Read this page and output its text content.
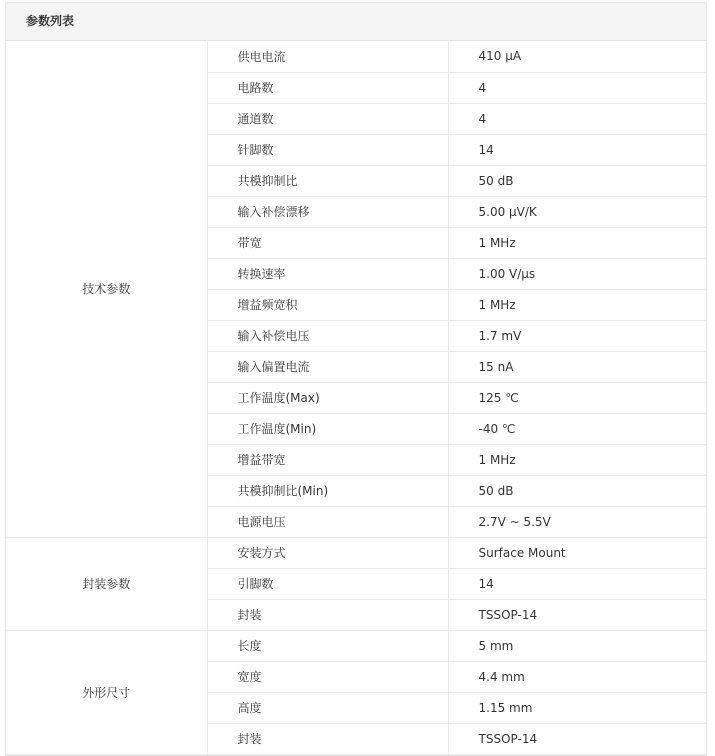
参数列表
技术参数	供电电流	410 µA
	电路数	4
	通道数	4
	针脚数	14
	共模抑制比	50 dB
	输入补偿漂移	5.00 µV/K
	带宽	1 MHz
	转换速率	1.00 V/µs
	增益频宽积	1 MHz
	输入补偿电压	1.7 mV
	输入偏置电流	15 nA
	工作温度(Max)	125 ℃
	工作温度(Min)	-40 ℃
	增益带宽	1 MHz
	共模抑制比(Min)	50 dB
	电源电压	2.7V ~ 5.5V
封装参数	安装方式	Surface Mount
	引脚数	14
	封装	TSSOP-14
外形尺寸	长度	5 mm
	宽度	4.4 mm
	高度	1.15 mm
	封装	TSSOP-14
